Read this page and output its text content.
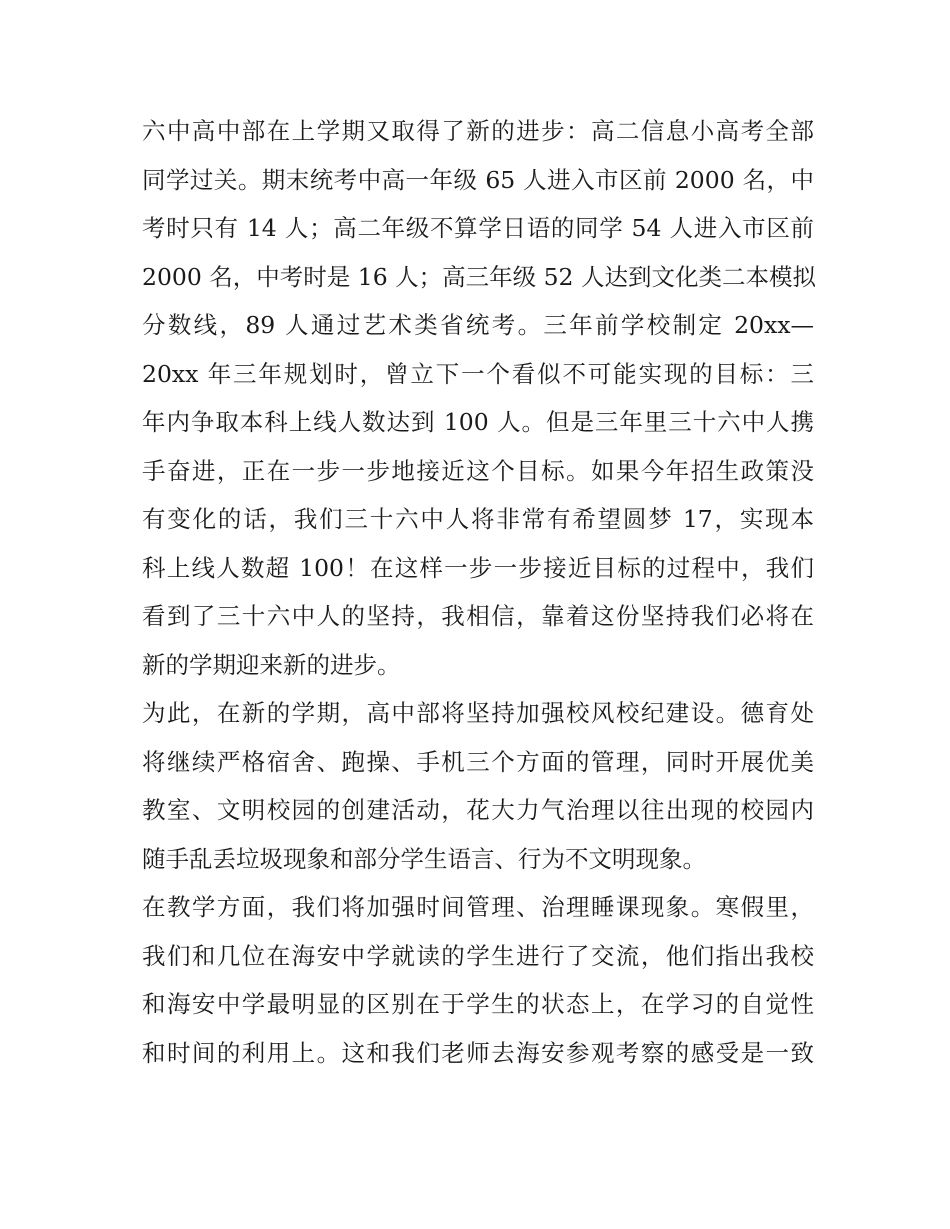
六中高中部在上学期又取得了新的进步：高二信息小高考全部
同学过关。期末统考中高一年级 65 人进入市区前 2000 名，中
考时只有 14 人；高二年级不算学日语的同学 54 人进入市区前
2000 名，中考时是 16 人；高三年级 52 人达到文化类二本模拟
分数线，89 人通过艺术类省统考。三年前学校制定 20xx—
20xx 年三年规划时，曾立下一个看似不可能实现的目标：三
年内争取本科上线人数达到 100 人。但是三年里三十六中人携
手奋进，正在一步一步地接近这个目标。如果今年招生政策没
有变化的话，我们三十六中人将非常有希望圆梦 17，实现本
科上线人数超 100！在这样一步一步接近目标的过程中，我们
看到了三十六中人的坚持，我相信，靠着这份坚持我们必将在
新的学期迎来新的进步。
为此，在新的学期，高中部将坚持加强校风校纪建设。德育处
将继续严格宿舍、跑操、手机三个方面的管理，同时开展优美
教室、文明校园的创建活动，花大力气治理以往出现的校园内
随手乱丢垃圾现象和部分学生语言、行为不文明现象。
在教学方面，我们将加强时间管理、治理睡课现象。寒假里，
我们和几位在海安中学就读的学生进行了交流，他们指出我校
和海安中学最明显的区别在于学生的状态上，在学习的自觉性
和时间的利用上。这和我们老师去海安参观考察的感受是一致
